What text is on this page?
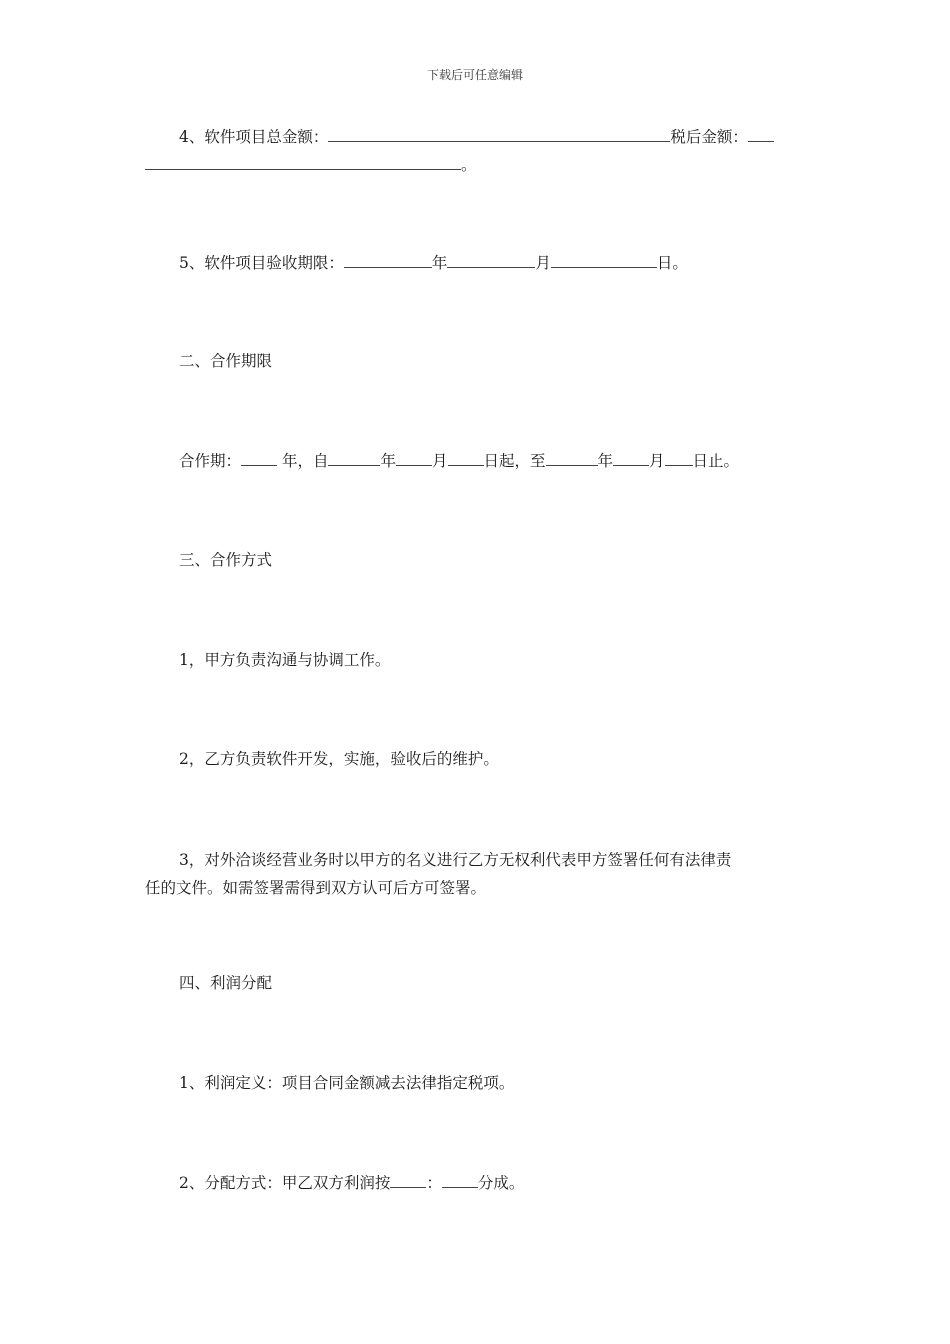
下载后可任意编辑
4、软件项目总金额：	税后金额：
。
5、软件项目验收期限：	年	月	日。
二、合作期限
合作期：	年，自	年 月 日起，至	年 月 日止。
三、合作方式
1，甲方负责沟通与协调工作。
2，乙方负责软件开发，实施，验收后的维护。
3，对外洽谈经营业务时以甲方的名义进行乙方无权利代表甲方签署任何有法律责
任的文件。如需签署需得到双方认可后方可签署。
四、利润分配
1、利润定义：项目合同金额减去法律指定税项。
2、分配方式：甲乙双方利润按 ： 分成。
